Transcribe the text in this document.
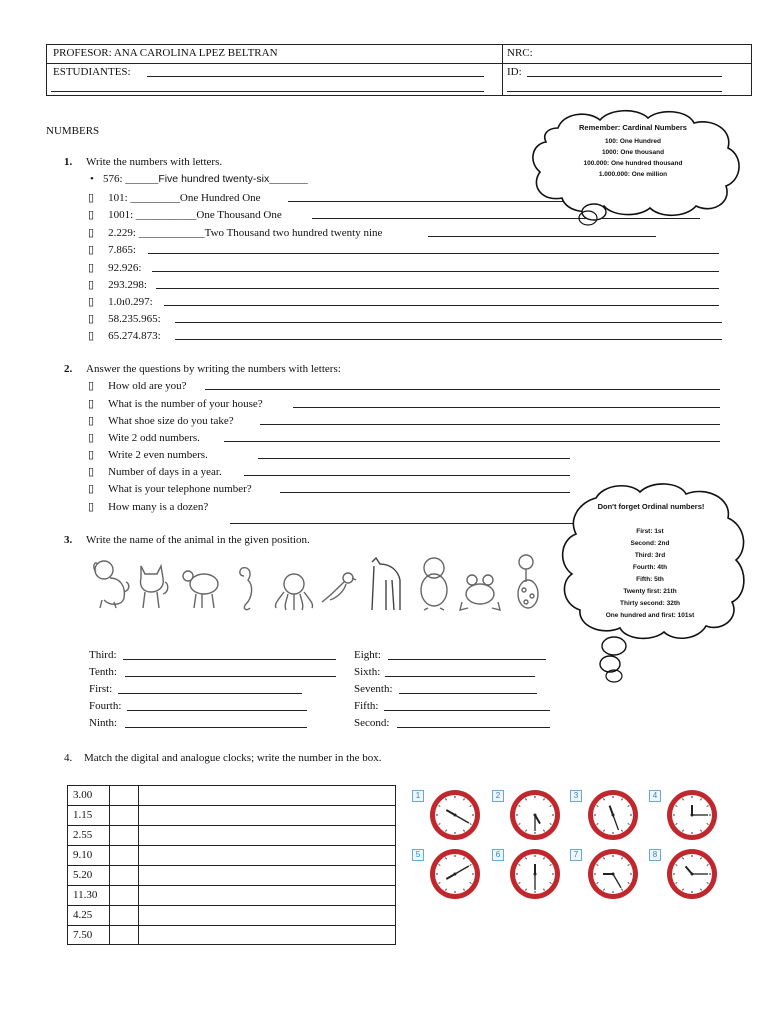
PROFESOR: ANA CAROLINA LPEZ BELTRAN	NRC:
ESTUDIANTES:	ID:
NUMBERS
1. Write the numbers with letters.
• 576: ______Five hundred twenty-six_______
▯ 101: _________One Hundred One
▯ 1001: ___________One Thousand One
▯ 2.229: ____________Two Thousand two hundred twenty nine
▯ 7.865:
▯ 92.926:
▯ 293.298:
▯ 1.0ı0.297:
▯ 58.235.965:
▯ 65.274.873:
Remember: Cardinal Numbers
100: One Hundred
1000: One thousand
100.000: One hundred thousand
1.000.000: One million
2. Answer the questions by writing the numbers with letters:
▯ How old are you?
▯ What is the number of your house?
▯ What shoe size do you take?
▯ Wite 2 odd numbers.
▯ Write 2 even numbers.
▯ Number of days in a year.
▯ What is your telephone number?
▯ How many is a dozen?	Don't forget Ordinal numbers!
First: 1st
Second: 2nd
Third: 3rd
Fourth: 4th
Fifth: 5th
Twenty first: 21th
Thirty second: 32th
One hundred and first: 101st
3. Write the name of the animal in the given position.
Third:
Tenth:
First:
Fourth:
Ninth:
Eight:
Sixth:
Seventh:
Fifth:
Second:
4. Match the digital and analogue clocks; write the number in the box.
3.00
1.15
2.55
9.10
5.20
11.30
4.25
7.50
1	2	3	4
5	6	7	8
